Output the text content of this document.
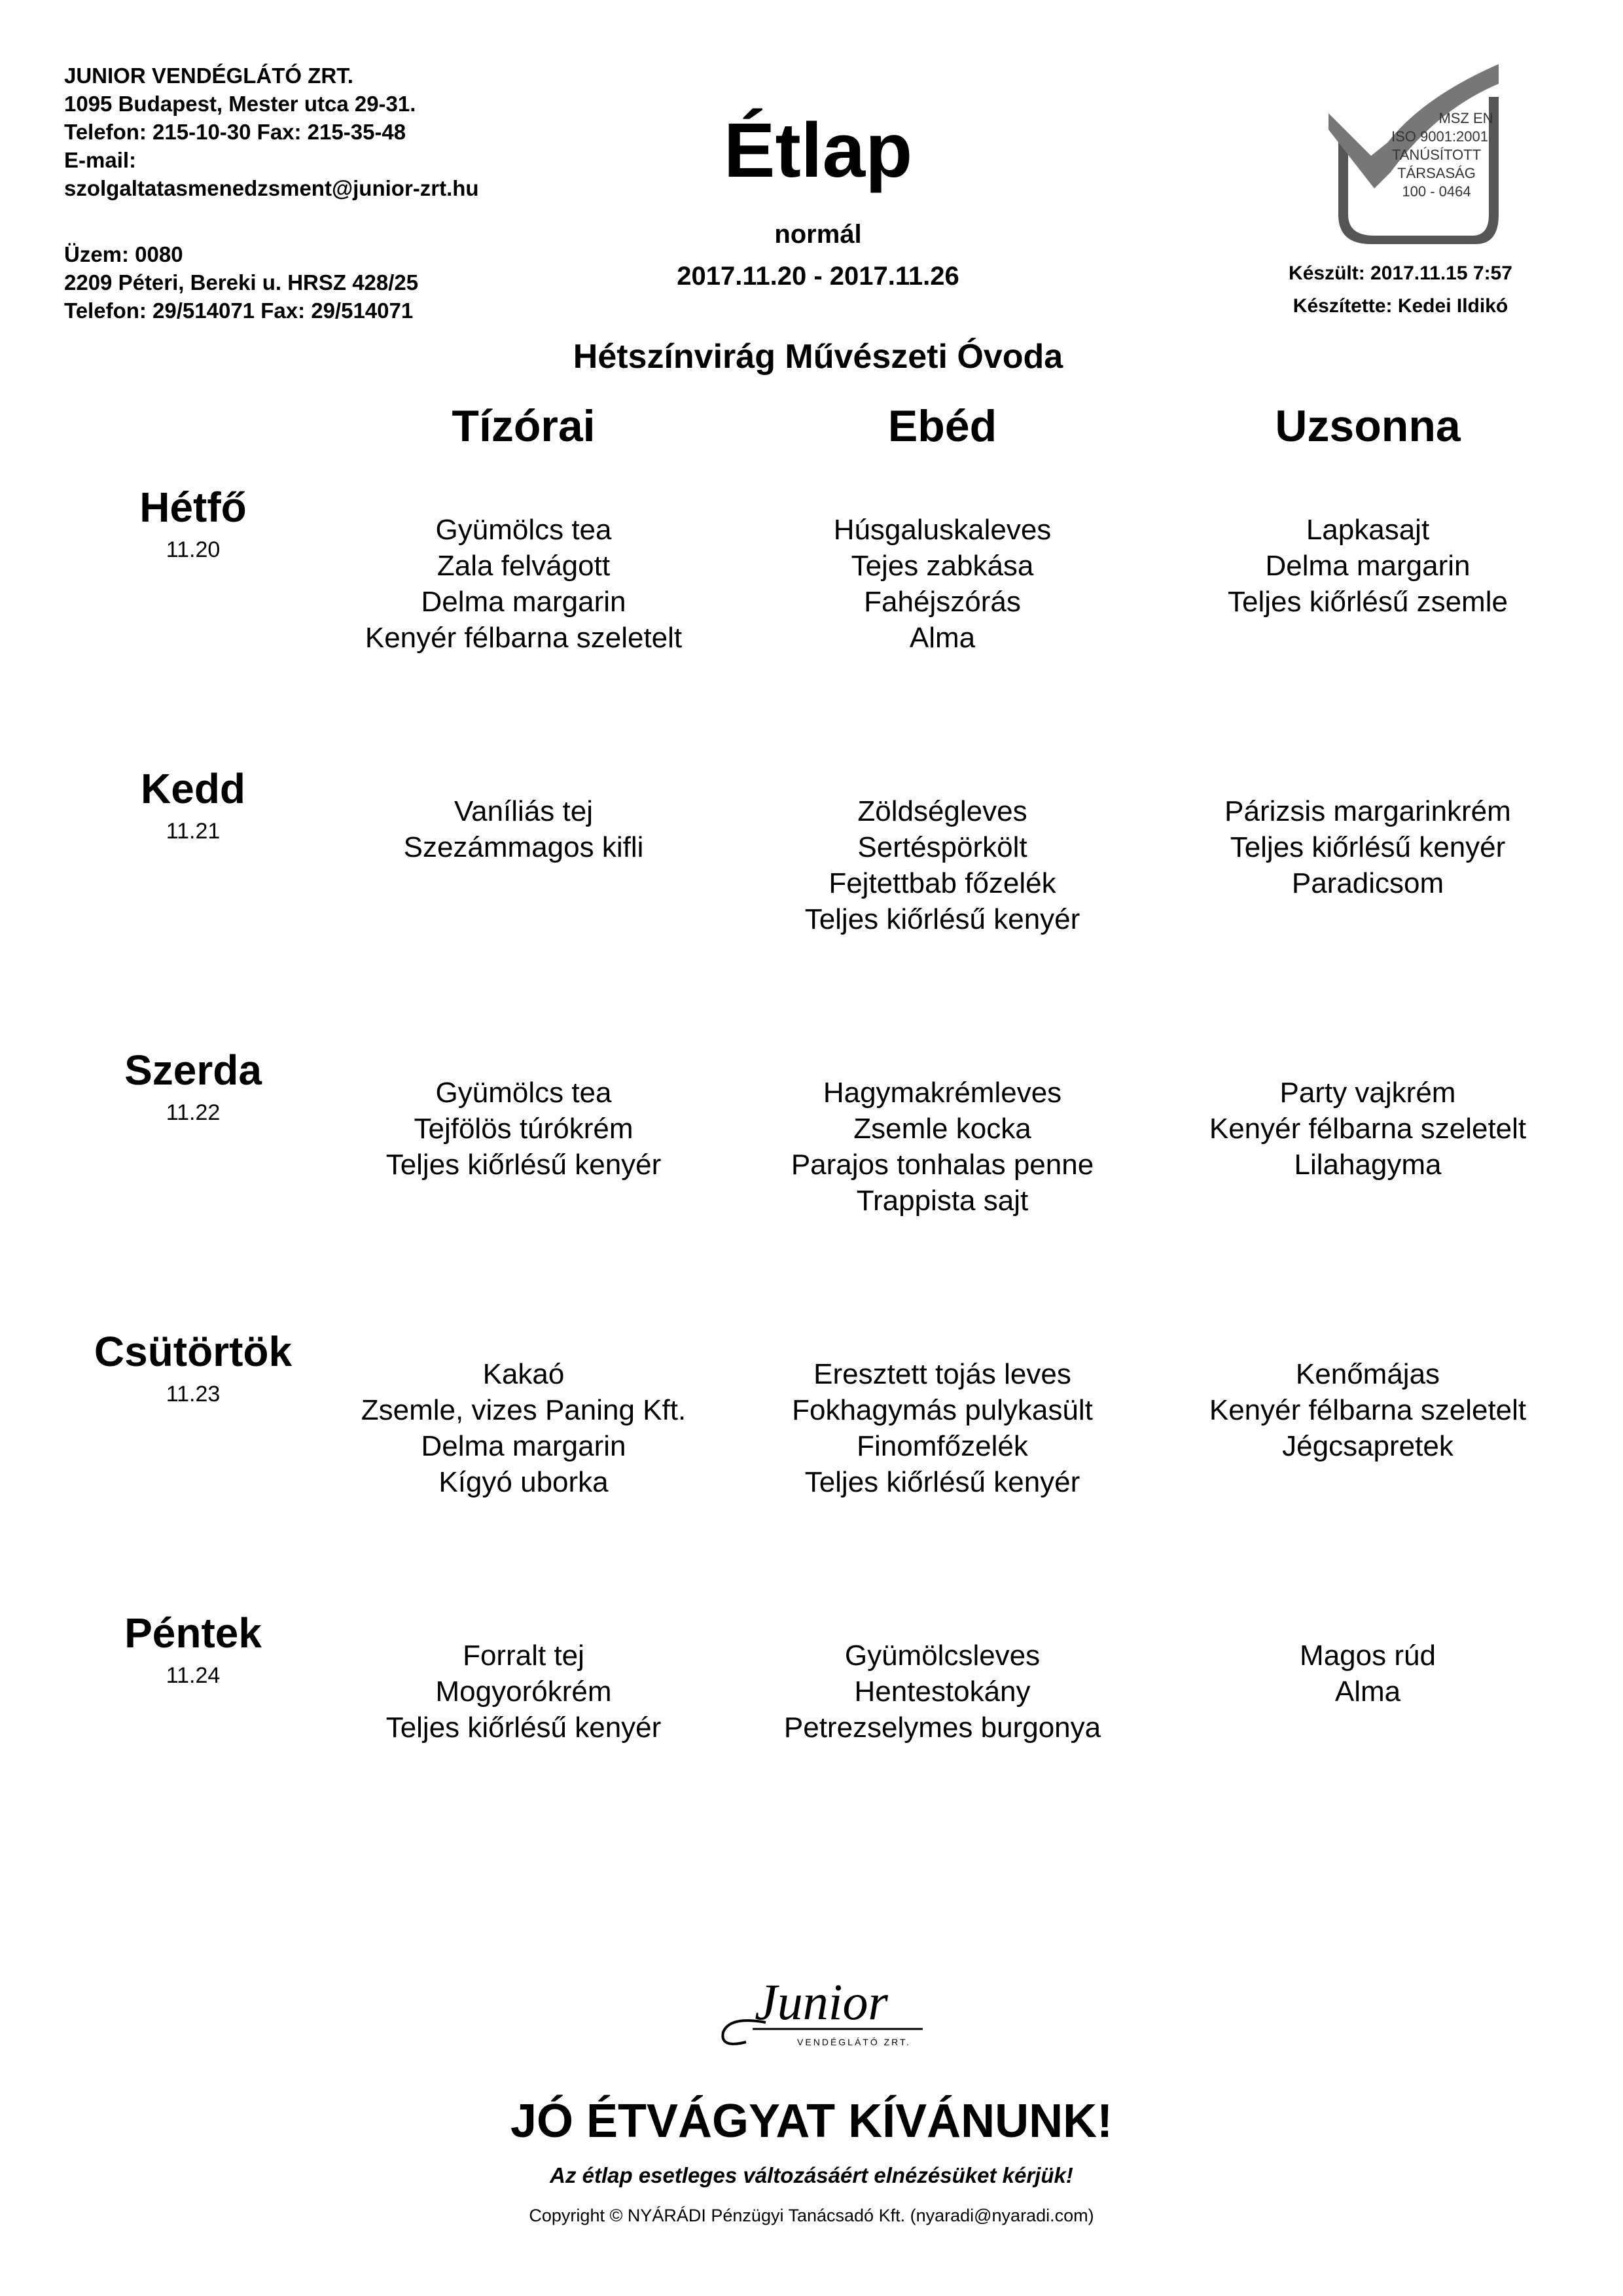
JUNIOR VENDÉGLÁTÓ ZRT.
1095 Budapest, Mester utca 29-31.
Telefon: 215-10-30 Fax: 215-35-48
E-mail:
szolgaltatasmenedzsment@junior-zrt.hu
Üzem: 0080
2209 Péteri, Bereki u. HRSZ 428/25
Telefon: 29/514071 Fax: 29/514071
Étlap
normál
2017.11.20 - 2017.11.26
MSZ EN
ISO 9001:2001
TANÚSÍTOTT
TÁRSASÁG
100 - 0464
Készült: 2017.11.15 7:57
Készítette: Kedei Ildikó
Hétszínvirág Művészeti Óvoda
Tízórai	Ebéd	Uzsonna
Hétfő
11.20
Gyümölcs tea
Zala felvágott
Delma margarin
Kenyér félbarna szeletelt
Húsgaluskaleves
Tejes zabkása
Fahéjszórás
Alma
Lapkasajt
Delma margarin
Teljes kiőrlésű zsemle
Kedd
11.21
Vaníliás tej
Szezámmagos kifli
Zöldségleves
Sertéspörkölt
Fejtettbab főzelék
Teljes kiőrlésű kenyér
Párizsis margarinkrém
Teljes kiőrlésű kenyér
Paradicsom
Szerda
11.22
Gyümölcs tea
Tejfölös túrókrém
Teljes kiőrlésű kenyér
Hagymakrémleves
Zsemle kocka
Parajos tonhalas penne
Trappista sajt
Party vajkrém
Kenyér félbarna szeletelt
Lilahagyma
Csütörtök
11.23
Kakaó
Zsemle, vizes Paning Kft.
Delma margarin
Kígyó uborka
Eresztett tojás leves
Fokhagymás pulykasült
Finomfőzelék
Teljes kiőrlésű kenyér
Kenőmájas
Kenyér félbarna szeletelt
Jégcsapretek
Péntek
11.24
Forralt tej
Mogyorókrém
Teljes kiőrlésű kenyér
Gyümölcsleves
Hentestokány
Petrezselymes burgonya
Magos rúd
Alma
Junior
VENDÉGLÁTÓ ZRT.
JÓ ÉTVÁGYAT KÍVÁNUNK!
Az étlap esetleges változásáért elnézésüket kérjük!
Copyright © NYÁRÁDI Pénzügyi Tanácsadó Kft. (nyaradi@nyaradi.com)
